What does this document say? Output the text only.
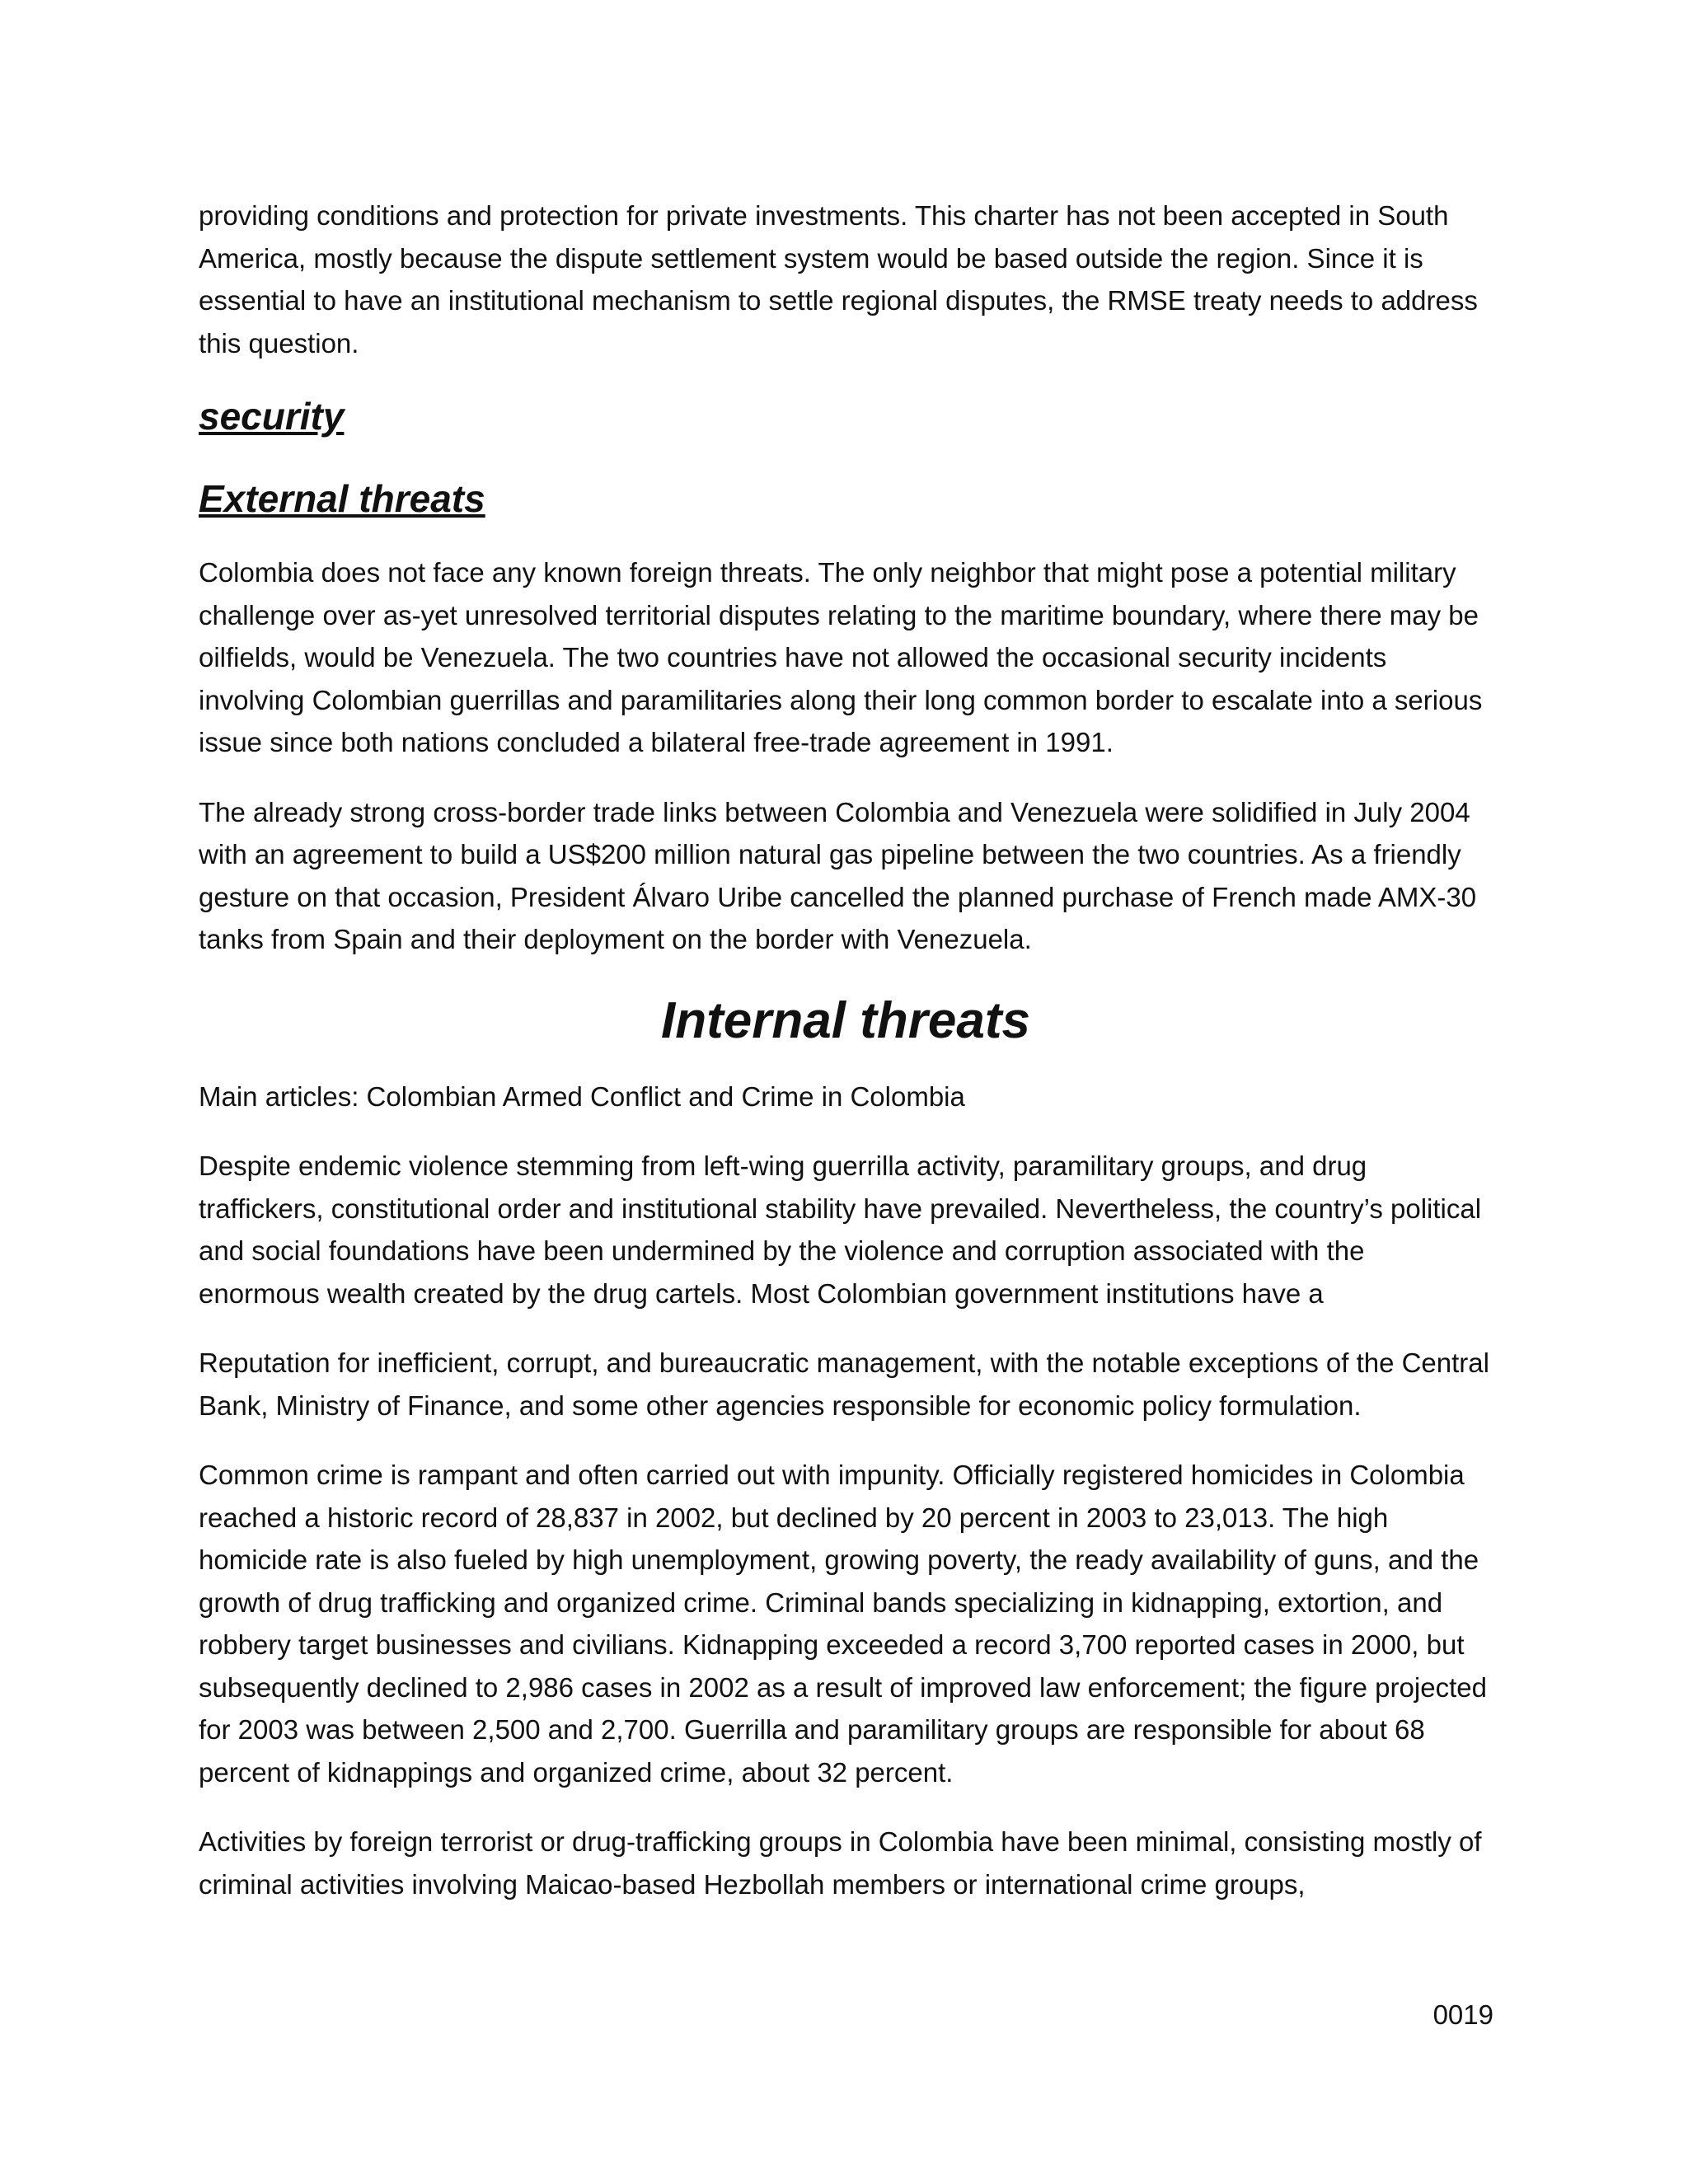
providing conditions and protection for private investments. This charter has not been accepted in South America, mostly because the dispute settlement system would be based outside the region. Since it is essential to have an institutional mechanism to settle regional disputes, the RMSE treaty needs to address this question.

security
External threats

Colombia does not face any known foreign threats. The only neighbor that might pose a potential military challenge over as-yet unresolved territorial disputes relating to the maritime boundary, where there may be oilfields, would be Venezuela. The two countries have not allowed the occasional security incidents involving Colombian guerrillas and paramilitaries along their long common border to escalate into a serious issue since both nations concluded a bilateral free-trade agreement in 1991.

The already strong cross-border trade links between Colombia and Venezuela were solidified in July 2004 with an agreement to build a US$200 million natural gas pipeline between the two countries. As a friendly gesture on that occasion, President Álvaro Uribe cancelled the planned purchase of French made AMX-30 tanks from Spain and their deployment on the border with Venezuela.

Internal threats

Main articles: Colombian Armed Conflict and Crime in Colombia

Despite endemic violence stemming from left-wing guerrilla activity, paramilitary groups, and drug traffickers, constitutional order and institutional stability have prevailed. Nevertheless, the country’s political and social foundations have been undermined by the violence and corruption associated with the enormous wealth created by the drug cartels. Most Colombian government institutions have a

Reputation for inefficient, corrupt, and bureaucratic management, with the notable exceptions of the Central Bank, Ministry of Finance, and some other agencies responsible for economic policy formulation.

Common crime is rampant and often carried out with impunity. Officially registered homicides in Colombia reached a historic record of 28,837 in 2002, but declined by 20 percent in 2003 to 23,013. The high homicide rate is also fueled by high unemployment, growing poverty, the ready availability of guns, and the growth of drug trafficking and organized crime. Criminal bands specializing in kidnapping, extortion, and robbery target businesses and civilians. Kidnapping exceeded a record 3,700 reported cases in 2000, but subsequently declined to 2,986 cases in 2002 as a result of improved law enforcement; the figure projected for 2003 was between 2,500 and 2,700. Guerrilla and paramilitary groups are responsible for about 68 percent of kidnappings and organized crime, about 32 percent.

Activities by foreign terrorist or drug-trafficking groups in Colombia have been minimal, consisting mostly of criminal activities involving Maicao-based Hezbollah members or international crime groups,

0019
